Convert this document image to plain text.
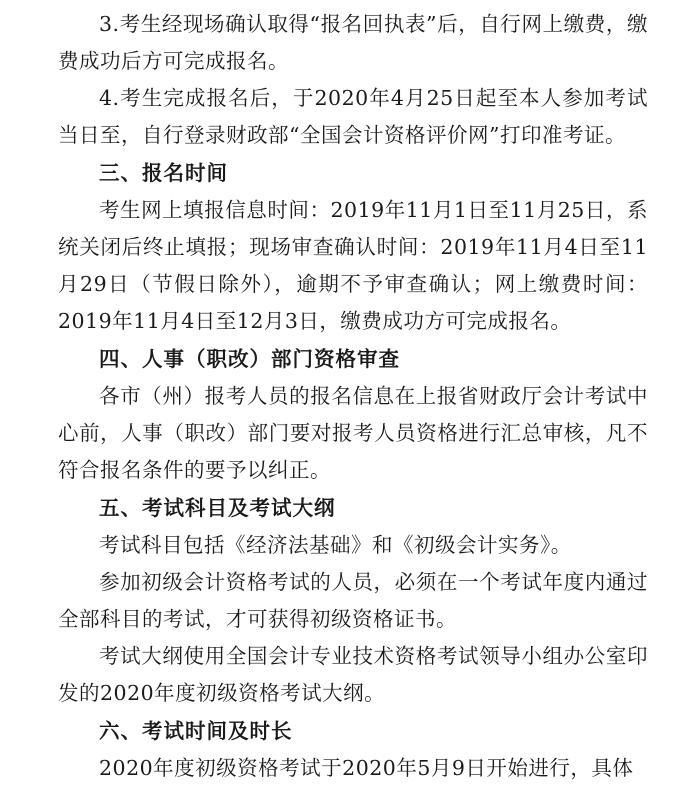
3.考生经现场确认取得“报名回执表”后，自行网上缴费，缴费成功后方可完成报名。

4.考生完成报名后，于2020年4月25日起至本人参加考试当日至，自行登录财政部“全国会计资格评价网”打印准考证。

三、报名时间

考生网上填报信息时间：2019年11月1日至11月25日，系统关闭后终止填报；现场审查确认时间：2019年11月4日至11月29日（节假日除外），逾期不予审查确认；网上缴费时间：2019年11月4日至12月3日，缴费成功方可完成报名。

四、人事（职改）部门资格审查

各市（州）报考人员的报名信息在上报省财政厅会计考试中心前，人事（职改）部门要对报考人员资格进行汇总审核，凡不符合报名条件的要予以纠正。

五、考试科目及考试大纲

考试科目包括《经济法基础》和《初级会计实务》。

参加初级会计资格考试的人员，必须在一个考试年度内通过全部科目的考试，才可获得初级资格证书。

考试大纲使用全国会计专业技术资格考试领导小组办公室印发的2020年度初级资格考试大纲。

六、考试时间及时长

2020年度初级资格考试于2020年5月9日开始进行，具体
